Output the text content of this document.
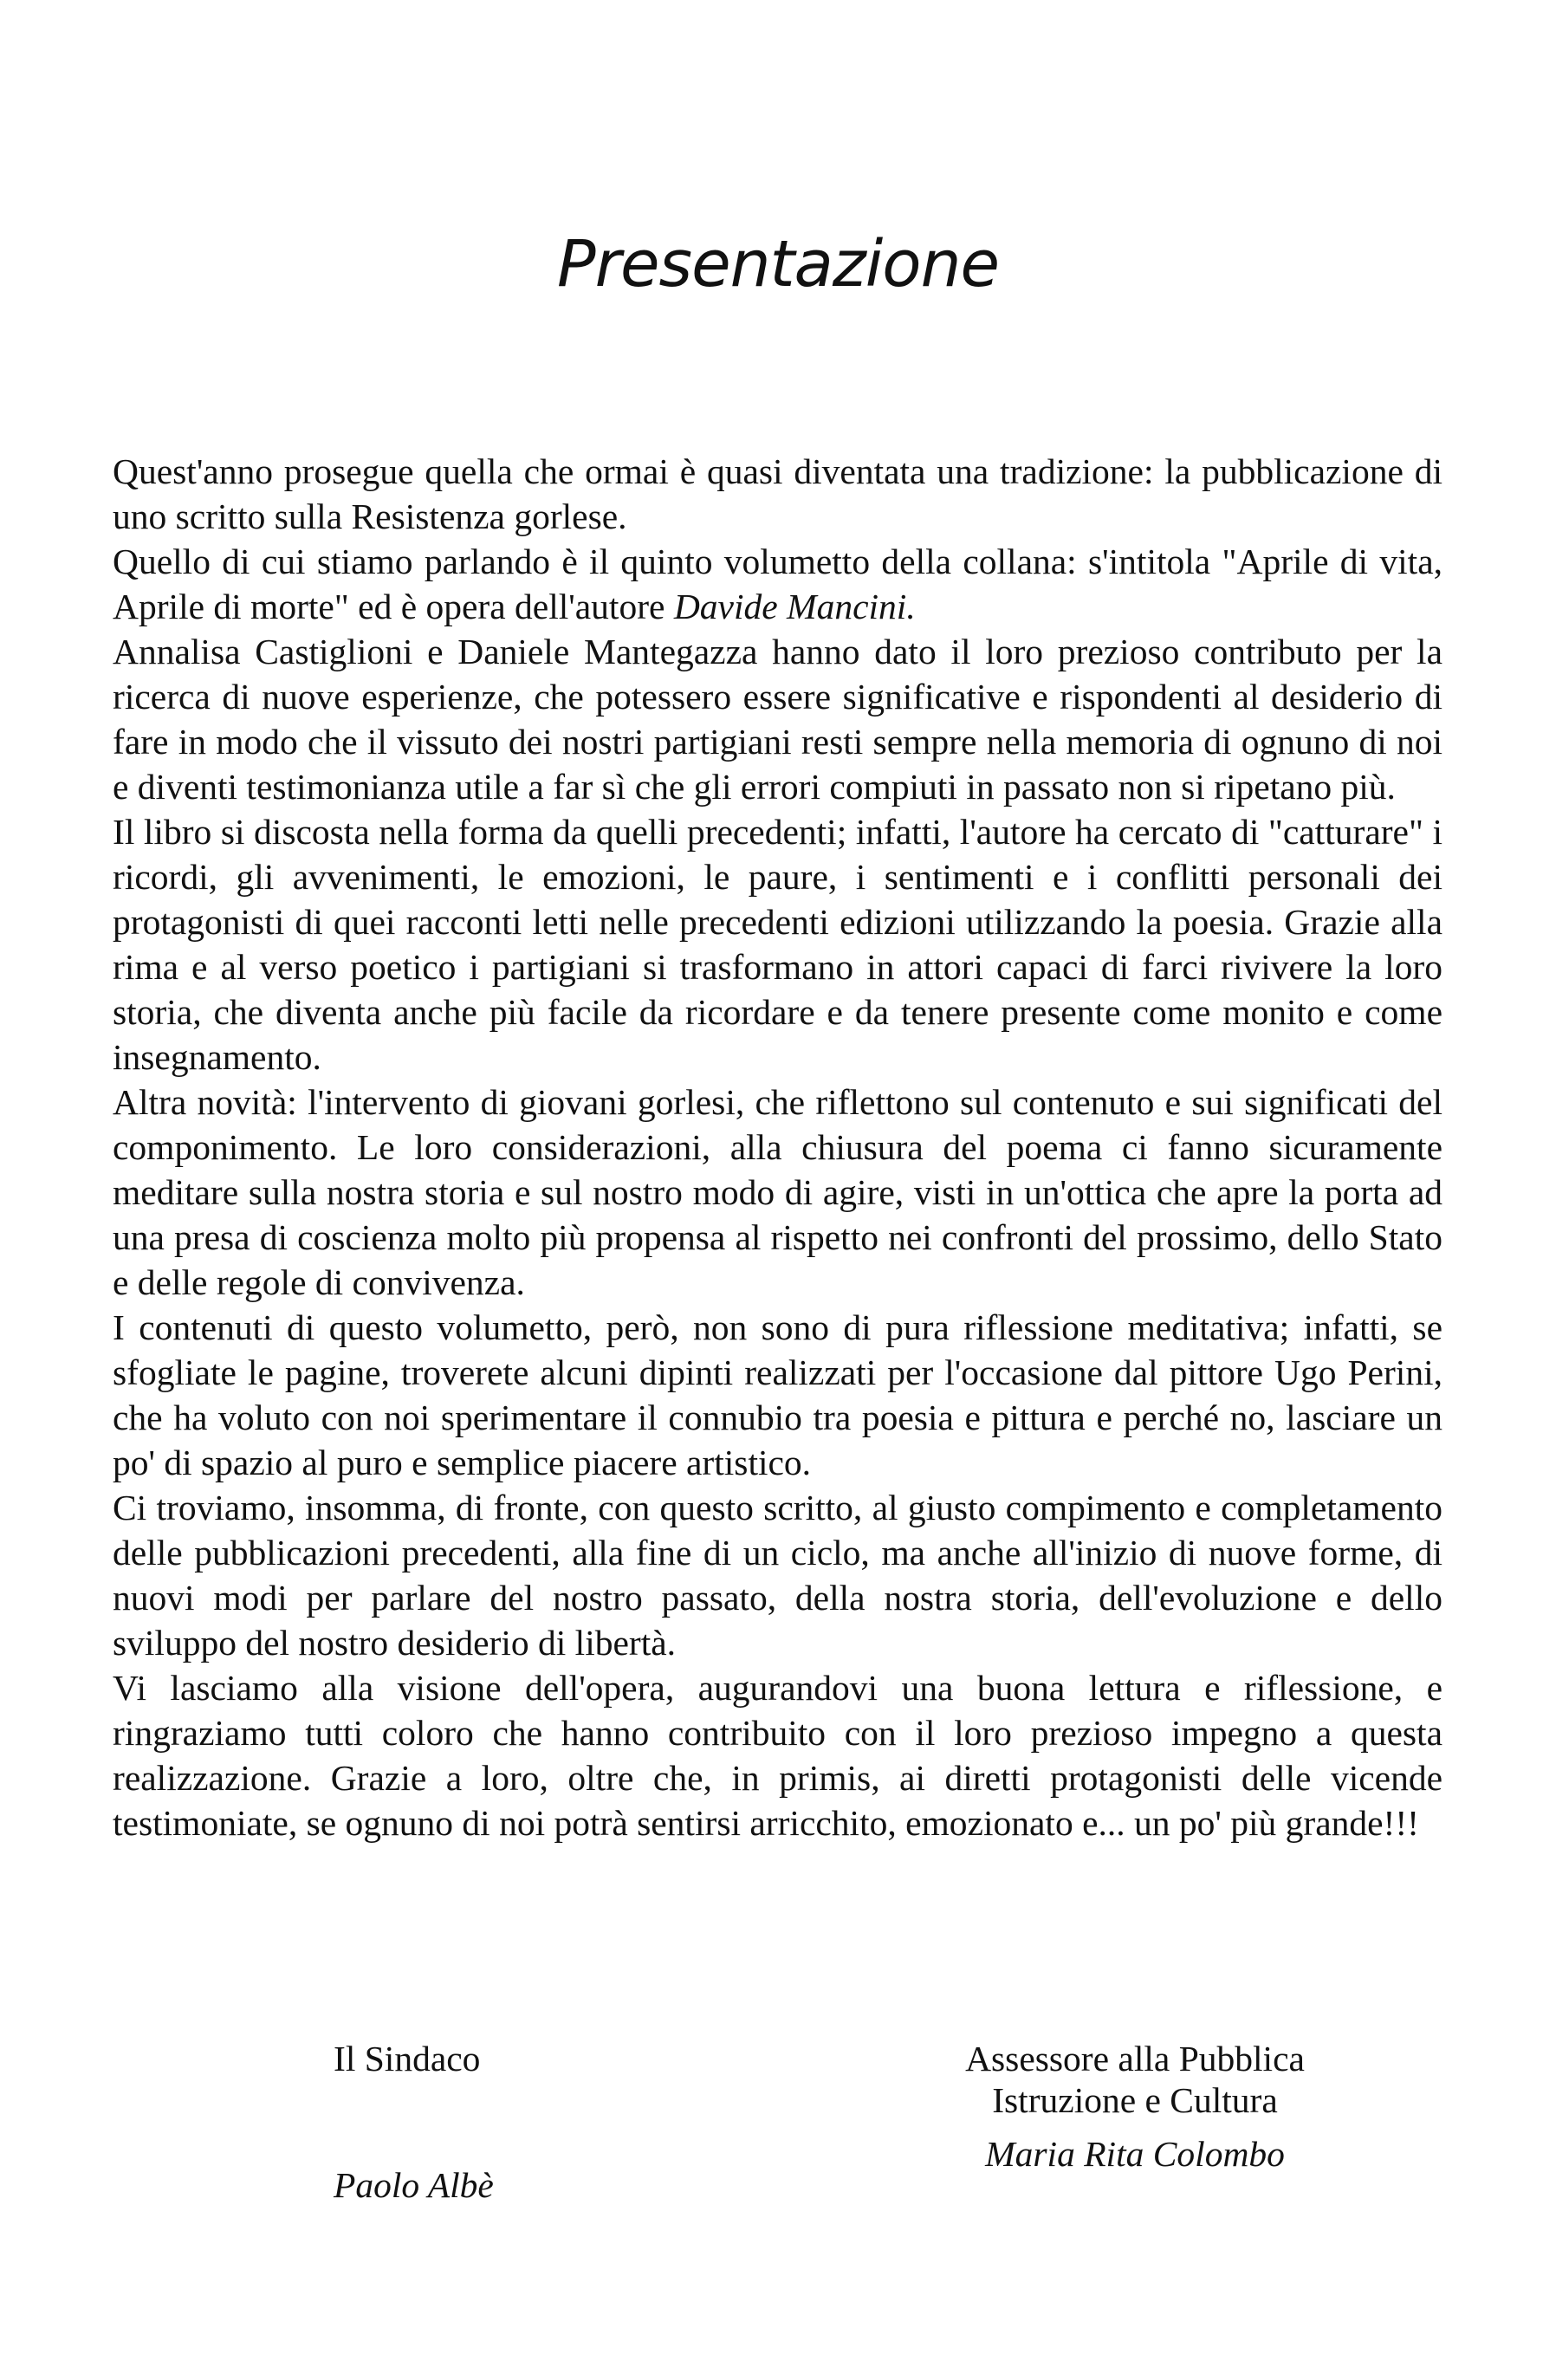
Presentazione

Quest'anno prosegue quella che ormai è quasi diventata una tradizione: la pubblicazione di uno scritto sulla Resistenza gorlese.

Quello di cui stiamo parlando è il quinto volumetto della collana: s'intitola "Aprile di vita, Aprile di morte" ed è opera dell'autore Davide Mancini.

Annalisa Castiglioni e Daniele Mantegazza hanno dato il loro prezioso contributo per la ricerca di nuove esperienze, che potessero essere significative e rispondenti al desiderio di fare in modo che il vissuto dei nostri partigiani resti sempre nella memoria di ognuno di noi e diventi testimonianza utile a far sì che gli errori compiuti in passato non si ripetano più.

Il libro si discosta nella forma da quelli precedenti; infatti, l'autore ha cercato di "catturare" i ricordi, gli avvenimenti, le emozioni, le paure, i sentimenti e i conflitti personali dei protagonisti di quei racconti letti nelle precedenti edizioni utilizzando la poesia. Grazie alla rima e al verso poetico i partigiani si trasformano in attori capaci di farci rivivere la loro storia, che diventa anche più facile da ricordare e da tenere presente come monito e come insegnamento.

Altra novità: l'intervento di giovani gorlesi, che riflettono sul contenuto e sui significati del componimento. Le loro considerazioni, alla chiusura del poema ci fanno sicuramente meditare sulla nostra storia e sul nostro modo di agire, visti in un'ottica che apre la porta ad una presa di coscienza molto più propensa al rispetto nei confronti del prossimo, dello Stato e delle regole di convivenza.

I contenuti di questo volumetto, però, non sono di pura riflessione meditativa; infatti, se sfogliate le pagine, troverete alcuni dipinti realizzati per l'occasione dal pittore Ugo Perini, che ha voluto con noi sperimentare il connubio tra poesia e pittura e perché no, lasciare un po' di spazio al puro e semplice piacere artistico.

Ci troviamo, insomma, di fronte, con questo scritto, al giusto compimento e completamento delle pubblicazioni precedenti, alla fine di un ciclo, ma anche all'inizio di nuove forme, di nuovi modi per parlare del nostro passato, della nostra storia, dell'evoluzione e dello sviluppo del nostro desiderio di libertà.

Vi lasciamo alla visione dell'opera, augurandovi una buona lettura e riflessione, e ringraziamo tutti coloro che hanno contribuito con il loro prezioso impegno a questa realizzazione. Grazie a loro, oltre che, in primis, ai diretti protagonisti delle vicende testimoniate, se ognuno di noi potrà sentirsi arricchito, emozionato e... un po' più grande!!!

Il Sindaco
Paolo Albè
Assessore alla Pubblica
Istruzione e Cultura
Maria Rita Colombo
